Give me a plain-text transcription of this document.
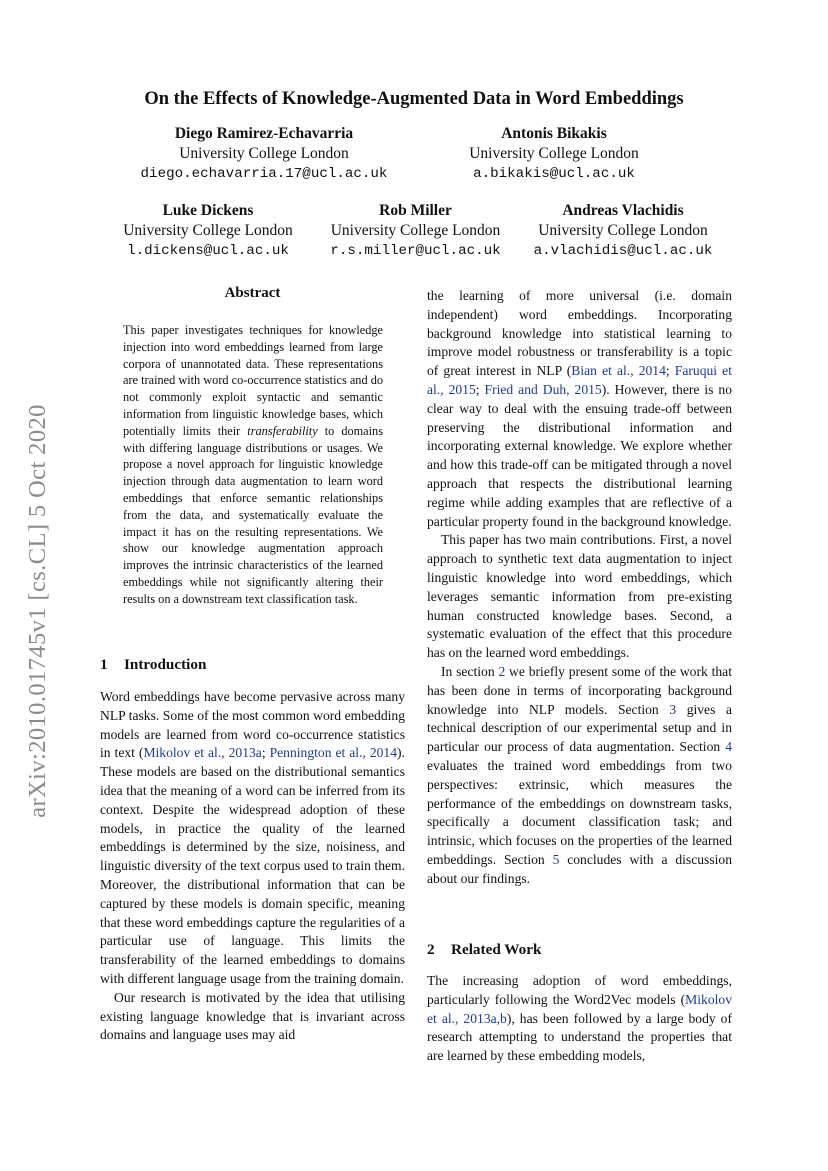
arXiv:2010.01745v1 [cs.CL] 5 Oct 2020
On the Effects of Knowledge-Augmented Data in Word Embeddings
Diego Ramirez-Echavarria
University College London
diego.echavarria.17@ucl.ac.uk
Antonis Bikakis
University College London
a.bikakis@ucl.ac.uk
Luke Dickens
University College London
l.dickens@ucl.ac.uk
Rob Miller
University College London
r.s.miller@ucl.ac.uk
Andreas Vlachidis
University College London
a.vlachidis@ucl.ac.uk
Abstract

This paper investigates techniques for knowledge injection into word embeddings learned from large corpora of unannotated data. These representations are trained with word co-occurrence statistics and do not commonly exploit syntactic and semantic information from linguistic knowledge bases, which potentially limits their transferability to domains with differing language distributions or usages. We propose a novel approach for linguistic knowledge injection through data augmentation to learn word embeddings that enforce semantic relationships from the data, and systematically evaluate the impact it has on the resulting representations. We show our knowledge augmentation approach improves the intrinsic characteristics of the learned embeddings while not significantly altering their results on a downstream text classification task.

1 Introduction

Word embeddings have become pervasive across many NLP tasks. Some of the most common word embedding models are learned from word co-occurrence statistics in text (Mikolov et al., 2013a; Pennington et al., 2014). These models are based on the distributional semantics idea that the meaning of a word can be inferred from its context. Despite the widespread adoption of these models, in practice the quality of the learned embeddings is determined by the size, noisiness, and linguistic diversity of the text corpus used to train them. Moreover, the distributional information that can be captured by these models is domain specific, meaning that these word embeddings capture the regularities of a particular use of language. This limits the transferability of the learned embeddings to domains with different language usage from the training domain.

Our research is motivated by the idea that utilising existing language knowledge that is invariant across domains and language uses may aid

the learning of more universal (i.e. domain independent) word embeddings. Incorporating background knowledge into statistical learning to improve model robustness or transferability is a topic of great interest in NLP (Bian et al., 2014; Faruqui et al., 2015; Fried and Duh, 2015). However, there is no clear way to deal with the ensuing trade-off between preserving the distributional information and incorporating external knowledge. We explore whether and how this trade-off can be mitigated through a novel approach that respects the distributional learning regime while adding examples that are reflective of a particular property found in the background knowledge.

This paper has two main contributions. First, a novel approach to synthetic text data augmentation to inject linguistic knowledge into word embeddings, which leverages semantic information from pre-existing human constructed knowledge bases. Second, a systematic evaluation of the effect that this procedure has on the learned word embeddings.

In section 2 we briefly present some of the work that has been done in terms of incorporating background knowledge into NLP models. Section 3 gives a technical description of our experimental setup and in particular our process of data augmentation. Section 4 evaluates the trained word embeddings from two perspectives: extrinsic, which measures the performance of the embeddings on downstream tasks, specifically a document classification task; and intrinsic, which focuses on the properties of the learned embeddings. Section 5 concludes with a discussion about our findings.

2 Related Work

The increasing adoption of word embeddings, particularly following the Word2Vec models (Mikolov et al., 2013a,b), has been followed by a large body of research attempting to understand the properties that are learned by these embedding models,
